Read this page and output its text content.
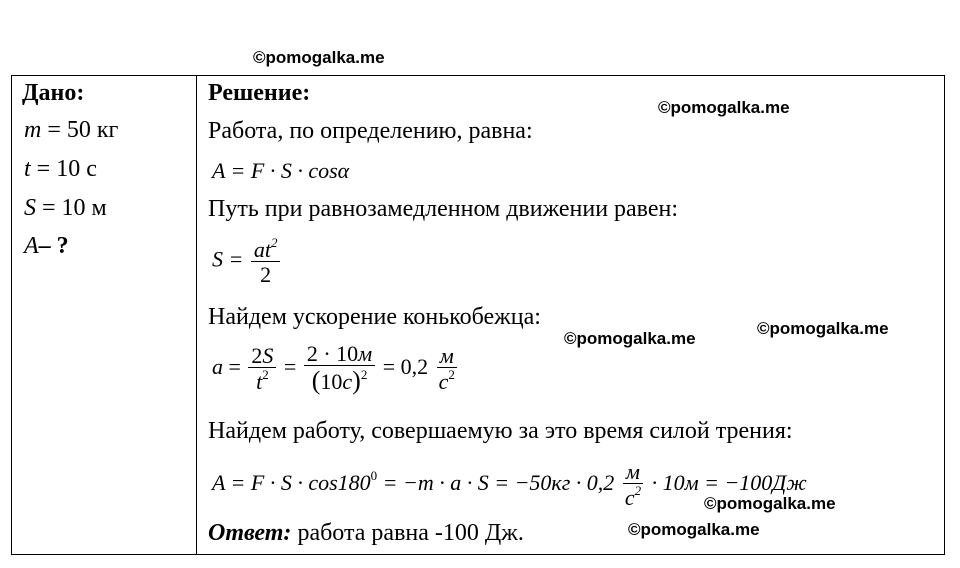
©pomogalka.me
©pomogalka.me
©pomogalka.me
©pomogalka.me
©pomogalka.me
©pomogalka.me
Дано:
m = 50 кг
t = 10 с
S = 10 м
A– ?
Решение:
Работа, по определению, равна:
A = F · S · cosα
Путь при равнозамедленном движении равен:
$S = \frac{at^2}{2}$
Найдем ускорение конькобежца:
$a = \frac{2S}{t^2} = \frac{2 \cdot 10м}{(10с)^2} = 0,2 \frac{м}{с^2}$
Найдем работу, совершаемую за это время силой трения:
$A = F \cdot S \cdot \cos 180^0 = -m \cdot a \cdot S = -50кг \cdot 0,2 \frac{м}{с^2} \cdot 10м = -100Дж$
Ответ: работа равна -100 Дж.
